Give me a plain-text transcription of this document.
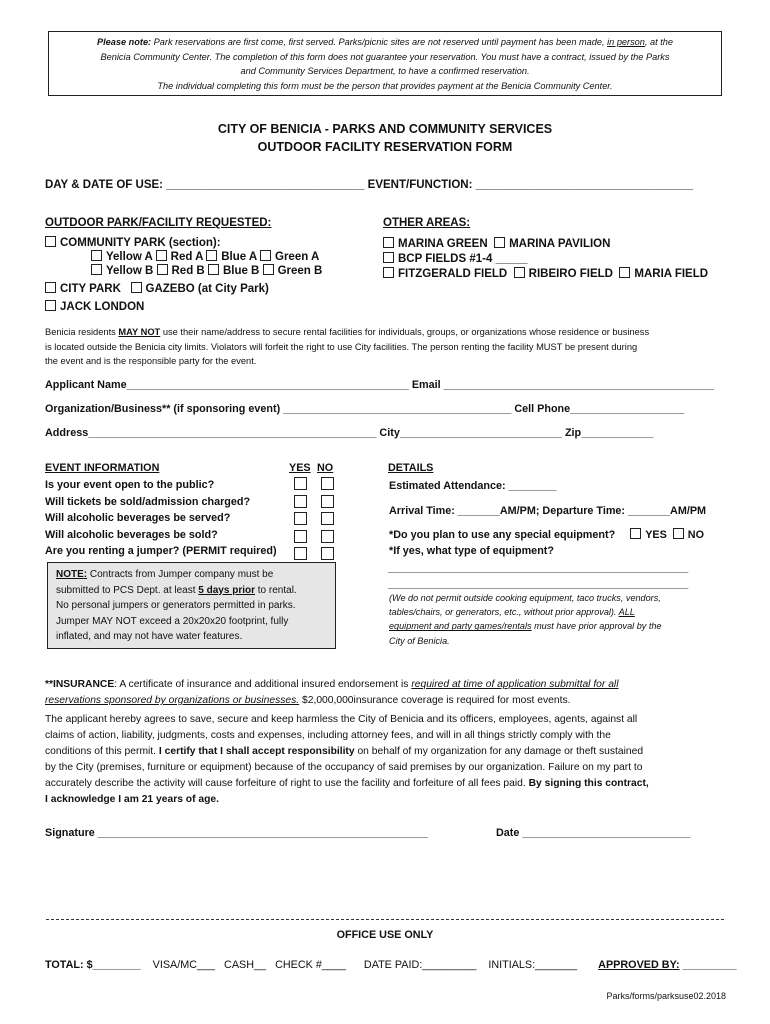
Please note: Park reservations are first come, first served. Parks/picnic sites are not reserved until payment has been made, in person, at the
Benicia Community Center. The completion of this form does not guarantee your reservation. You must have a contract, issued by the Parks
and Community Services Department, to have a confirmed reservation.
The individual completing this form must be the person that provides payment at the Benicia Community Center.
CITY OF BENICIA - PARKS AND COMMUNITY SERVICES
OUTDOOR FACILITY RESERVATION FORM
DAY & DATE OF USE: _______________________________ EVENT/FUNCTION: __________________________________
OUTDOOR PARK/FACILITY REQUESTED:
COMMUNITY PARK (section):
Yellow A Red A Blue A Green A
Yellow B Red B Blue B Green B
CITY PARK GAZEBO (at City Park)
JACK LONDON
OTHER AREAS:
MARINA GREEN MARINA PAVILION
BCP FIELDS #1-4 _____
FITZGERALD FIELD RIBEIRO FIELD MARIA FIELD
Benicia residents MAY NOT use their name/address to secure rental facilities for individuals, groups, or organizations whose residence or business
is located outside the Benicia city limits. Violators will forfeit the right to use City facilities. The person renting the facility MUST be present during
the event and is the responsible party for the event.
Applicant Name_______________________________________________ Email _____________________________________________
Organization/Business** (if sponsoring event) ______________________________________ Cell Phone___________________
Address________________________________________________ City___________________________ Zip____________
EVENT INFORMATION	YES NO
Is your event open to the public?
Will tickets be sold/admission charged?
Will alcoholic beverages be served?
Will alcoholic beverages be sold?
Are you renting a jumper? (PERMIT required)
NOTE: Contracts from Jumper company must be
submitted to PCS Dept. at least 5 days prior to rental.
No personal jumpers or generators permitted in parks.
Jumper MAY NOT exceed a 20x20x20 footprint, fully
inflated, and may not have water features.
DETAILS
Estimated Attendance: ________
Arrival Time: _______AM/PM; Departure Time: _______AM/PM
*Do you plan to use any special equipment?	YES NO
*If yes, what type of equipment?
__________________________________________________
__________________________________________________
(We do not permit outside cooking equipment, taco trucks, vendors,
tables/chairs, or generators, etc., without prior approval). ALL
equipment and party games/rentals must have prior approval by the
City of Benicia.
**INSURANCE: A certificate of insurance and additional insured endorsement is required at time of application submittal for all
reservations sponsored by organizations or businesses. $2,000,000insurance coverage is required for most events.
The applicant hereby agrees to save, secure and keep harmless the City of Benicia and its officers, employees, agents, against all
claims of action, liability, judgments, costs and expenses, including attorney fees, and will in all things strictly comply with the
conditions of this permit. I certify that I shall accept responsibility on behalf of my organization for any damage or theft sustained
by the City (premises, furniture or equipment) because of the occupancy of said premises by our organization. Failure on my part to
accurately describe the activity will cause forfeiture of right to use the facility and forfeiture of all fees paid. By signing this contract,
I acknowledge I am 21 years of age.
Signature _______________________________________________________	Date ____________________________
OFFICE USE ONLY
TOTAL: $________ VISA/MC___ CASH__ CHECK #____ DATE PAID:_________ INITIALS:_______ APPROVED BY: _________
Parks/forms/parksuse02.2018
